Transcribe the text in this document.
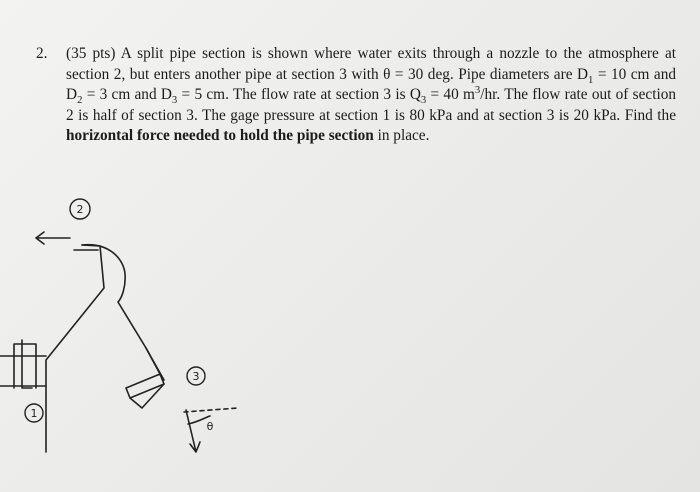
2.	(35 pts) A split pipe section is shown where water exits through a nozzle to the atmosphere at section 2, but enters another pipe at section 3 with θ = 30 deg. Pipe diameters are $D_1 = 10$ cm and $D_2 = 3$ cm and $D_3 = 5$ cm. The flow rate at section 3 is $Q_3 = 40$ $m^3/hr$. The flow rate out of section 2 is half of section 3. The gage pressure at section 1 is 80 kPa and at section 3 is 20 kPa. Find the horizontal force needed to hold the pipe section in place.
2
1
3
θ
